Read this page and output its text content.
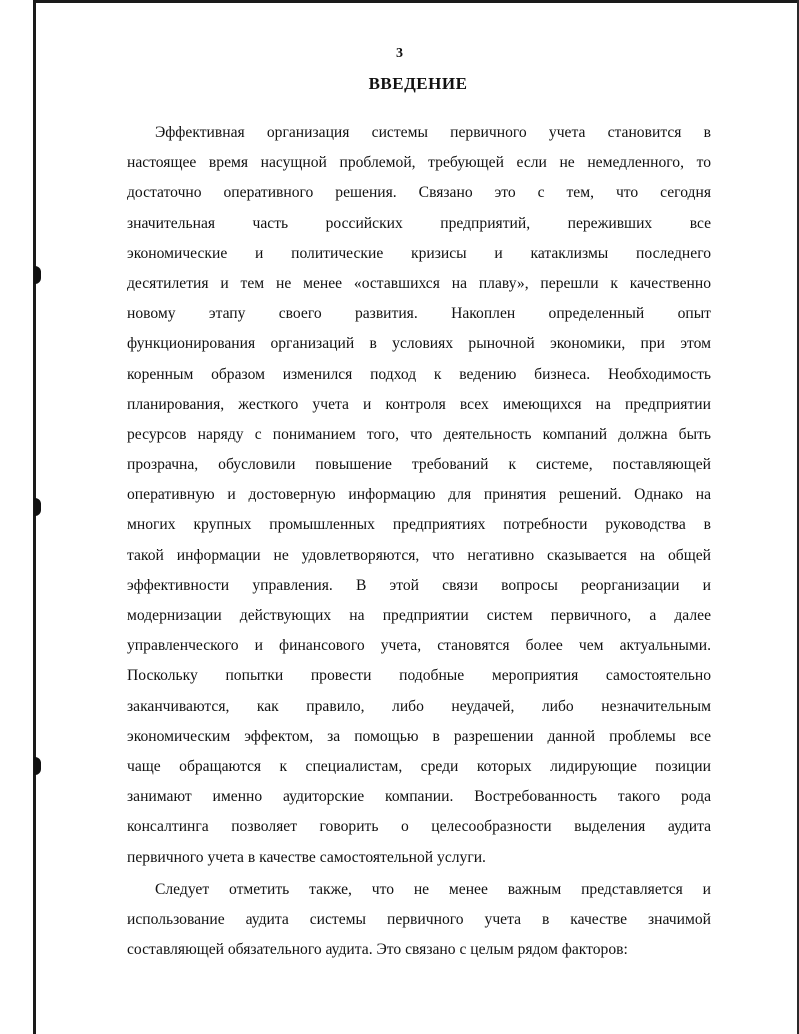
3
ВВЕДЕНИЕ
Эффективная организация системы первичного учета становится в
настоящее время насущной проблемой, требующей если не немедленного, то
достаточно оперативного решения. Связано это с тем, что сегодня
значительная часть российских предприятий, переживших все
экономические и политические кризисы и катаклизмы последнего
десятилетия и тем не менее «оставшихся на плаву», перешли к качественно
новому этапу своего развития. Накоплен определенный опыт
функционирования организаций в условиях рыночной экономики, при этом
коренным образом изменился подход к ведению бизнеса. Необходимость
планирования, жесткого учета и контроля всех имеющихся на предприятии
ресурсов наряду с пониманием того, что деятельность компаний должна быть
прозрачна, обусловили повышение требований к системе, поставляющей
оперативную и достоверную информацию для принятия решений. Однако на
многих крупных промышленных предприятиях потребности руководства в
такой информации не удовлетворяются, что негативно сказывается на общей
эффективности управления. В этой связи вопросы реорганизации и
модернизации действующих на предприятии систем первичного, а далее
управленческого и финансового учета, становятся более чем актуальными.
Поскольку попытки провести подобные мероприятия самостоятельно
заканчиваются, как правило, либо неудачей, либо незначительным
экономическим эффектом, за помощью в разрешении данной проблемы все
чаще обращаются к специалистам, среди которых лидирующие позиции
занимают именно аудиторские компании. Востребованность такого рода
консалтинга позволяет говорить о целесообразности выделения аудита
первичного учета в качестве самостоятельной услуги.
Следует отметить также, что не менее важным представляется и
использование аудита системы первичного учета в качестве значимой
составляющей обязательного аудита. Это связано с целым рядом факторов:
